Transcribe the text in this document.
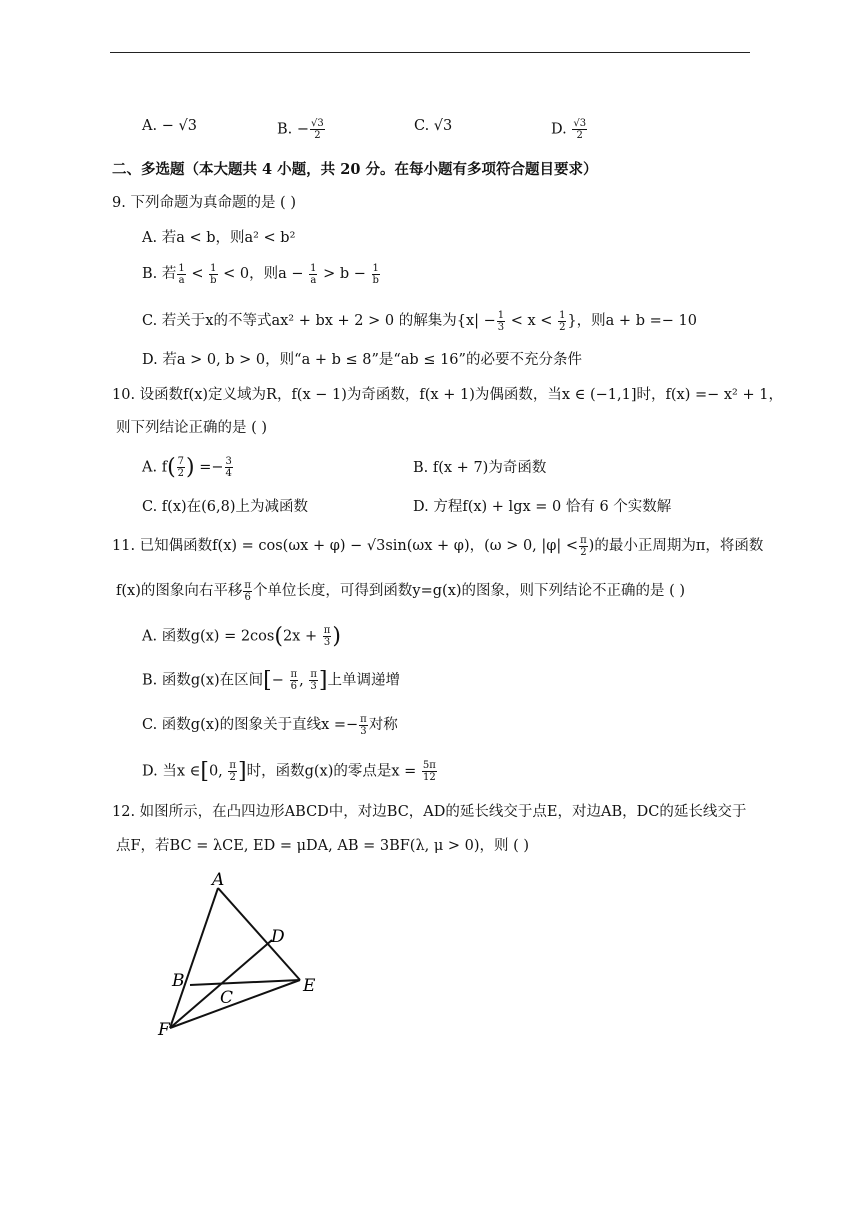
A. − √3	B. − $\frac{√3}{2}$	C. √3	D. $\frac{√3}{2}$
二、多选题（本大题共 4 小题，共 20 分。在每小题有多项符合题目要求）
9. 下列命题为真命题的是 ( )
A. 若a < b，则a² < b²
B. 若 $\frac{1}{a} < \frac{1}{b} < 0$，则$a - \frac{1}{a} > b - \frac{1}{b}$
C. 若关于x的不等式ax² + bx + 2 > 0 的解集为{$x| - \frac{1}{3} < x < \frac{1}{2}$ }，则a + b =− 10
D. 若a > 0, b > 0，则“a + b ≤ 8”是“ab ≤ 16”的必要不充分条件
10. 设函数f(x)定义域为R，f(x − 1)为奇函数，f(x + 1)为偶函数，当x ∈ (−1,1]时，f(x) =− x² + 1，
则下列结论正确的是 ( )
A. $f( \frac{7}{2}$ ) =− $\frac{3}{4}$	B. f(x + 7)为奇函数
C. f(x)在(6,8)上为减函数	D. 方程f(x) + lgx = 0 恰有 6 个实数解
11. 已知偶函数f(x) = cos(ωx + φ) − √3sin(ωx + φ)，(ω > 0, $|\varphi| < \frac{\pi}{2}$ )的最小正周期为π，将函数
f(x)的图象向右平移 $\frac{\pi}{6}$ 个单位长度，可得到函数y=g(x)的图象，则下列结论不正确的是 ( )
A. 函数$g(x) = 2\cos(2x + \frac{\pi}{3}$ )
B. 函数g(x)在区间[− $\frac{\pi}{6}$ , $\frac{\pi}{3}$ ]上单调递增
C. 函数g(x)的图象关于直线$x =- \frac{\pi}{3}$ 对称
D. 当x ∈[0, $\frac{\pi}{2}$ ]时，函数g(x)的零点是$x = \frac{5\pi}{12}$
12. 如图所示，在凸四边形ABCD中，对边BC，AD的延长线交于点E，对边AB，DC的延长线交于
点F，若BC = λCE, ED = μDA, AB = 3BF(λ, μ > 0)，则 ( )
A
D
B
C
E
F
